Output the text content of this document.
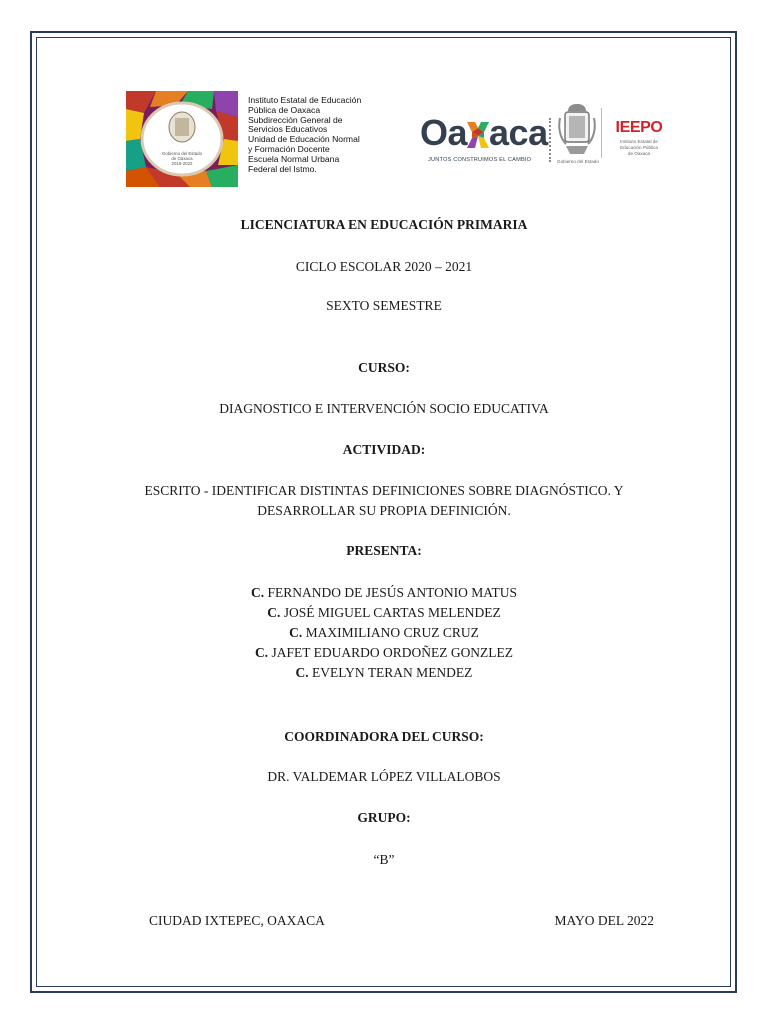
Gobierno del Estado
de Oaxaca
2016-2022
Instituto Estatal de Educación
Pública de Oaxaca
Subdirección General de
Servicios Educativos
Unidad de Educación Normal
y Formación Docente
Escuela Normal Urbana
Federal del Istmo.
Oa aca
JUNTOS CONSTRUIMOS EL CAMBIO	Gobierno del Estado
IEEPO
Instituto Estatal de
Educación Pública
de Oaxaca
LICENCIATURA EN EDUCACIÓN PRIMARIA
CICLO ESCOLAR 2020 – 2021
SEXTO SEMESTRE
CURSO:
DIAGNOSTICO E INTERVENCIÓN SOCIO EDUCATIVA
ACTIVIDAD:
ESCRITO - IDENTIFICAR DISTINTAS DEFINICIONES SOBRE DIAGNÓSTICO. Y
DESARROLLAR SU PROPIA DEFINICIÓN.
PRESENTA:
C. FERNANDO DE JESÚS ANTONIO MATUS
C. JOSÉ MIGUEL CARTAS MELENDEZ
C. MAXIMILIANO CRUZ CRUZ
C. JAFET EDUARDO ORDOÑEZ GONZLEZ
C. EVELYN TERAN MENDEZ
COORDINADORA DEL CURSO:
DR. VALDEMAR LÓPEZ VILLALOBOS
GRUPO:
“B”
CIUDAD IXTEPEC, OAXACA	MAYO DEL 2022
